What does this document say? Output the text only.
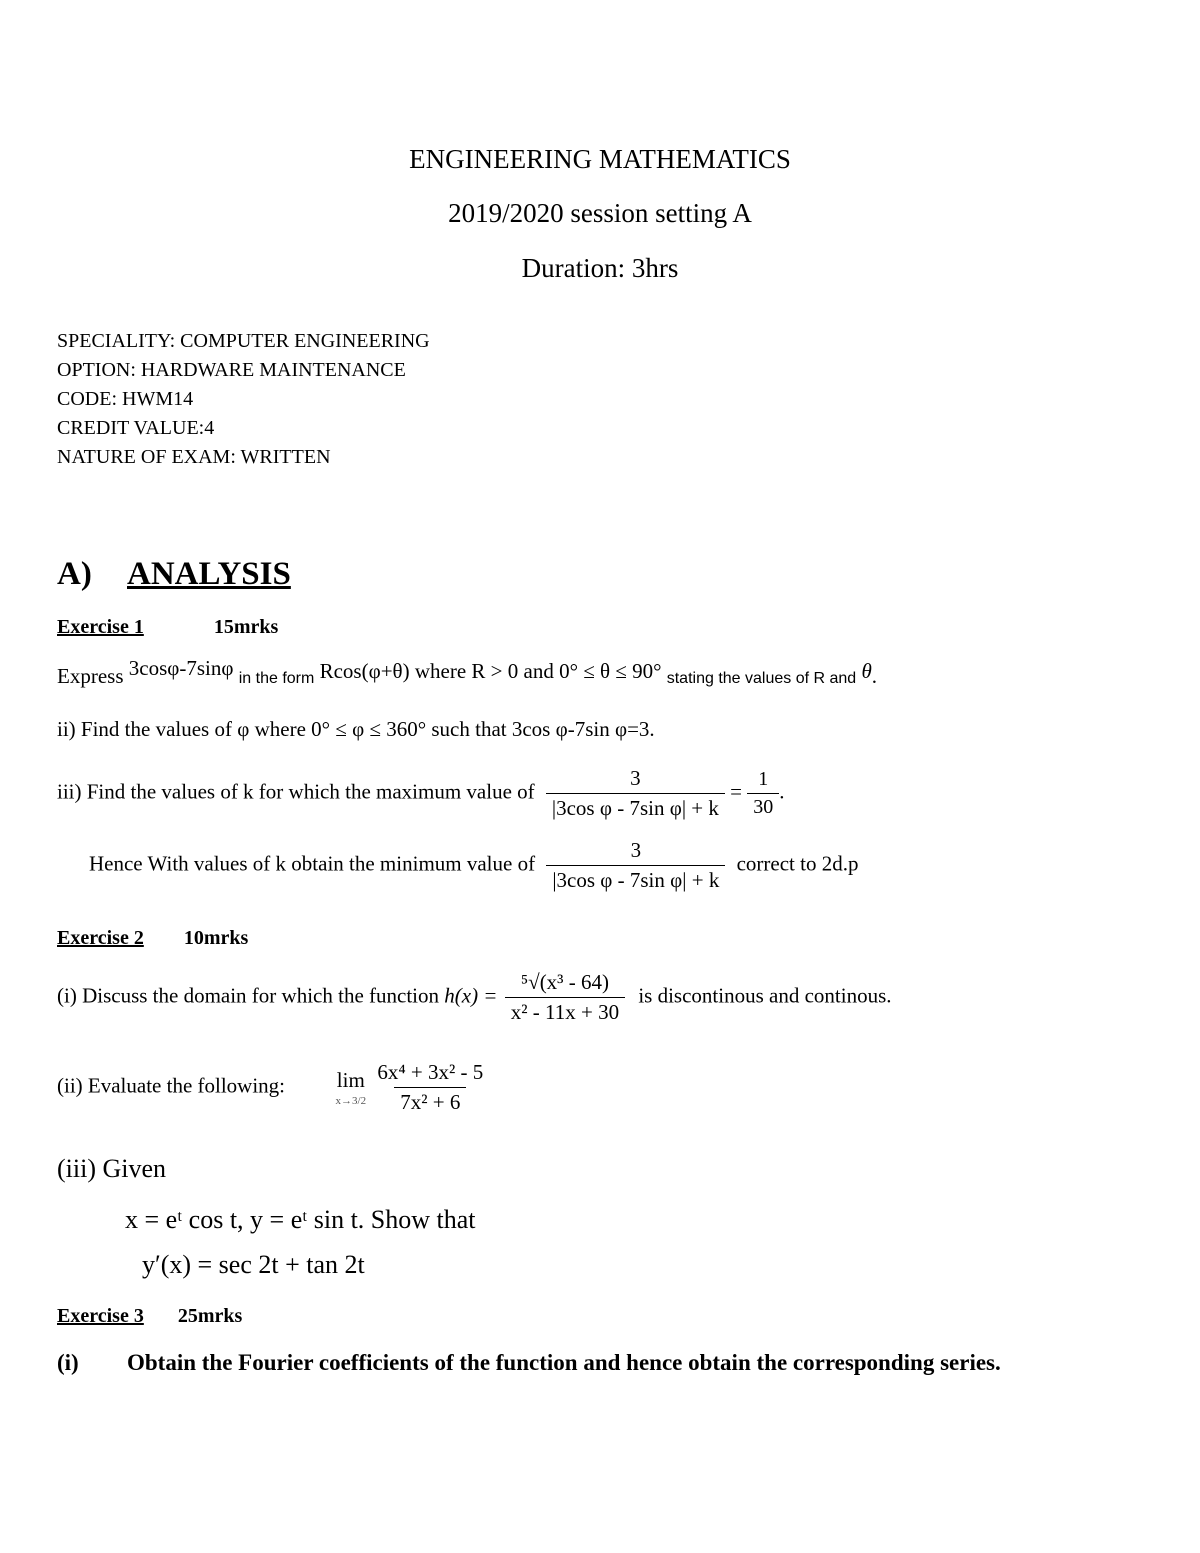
ENGINEERING MATHEMATICS
2019/2020 session setting A
Duration: 3hrs
SPECIALITY: COMPUTER ENGINEERING
OPTION: HARDWARE MAINTENANCE
CODE: HWM14
CREDIT VALUE:4
NATURE OF EXAM: WRITTEN
A) ANALYSIS
Exercise 1	15mrks
Express 3cosφ-7sinφ in the form Rcos(φ+θ) where R > 0 and 0° ≤ θ ≤ 90° stating the values of R and θ.
ii) Find the values of φ where 0° ≤ φ ≤ 360° such that 3cos φ-7sin φ=3.
iii) Find the values of k for which the maximum value of $\frac{3}{\text{|3cos φ - 7sin φ| + k}} = \frac{1}{30}$ .
Hence With values of k obtain the minimum value of $\frac{3}{\text{|3cos φ - 7sin φ| + k}}$ correct to 2d.p
Exercise 2 10mrks
(i) Discuss the domain for which the function $h(x) = \frac{\text{⁵√(x³ - 64)}}{\text{x² - 11x + 30}}$ is discontinous and continous.
(ii) Evaluate the following: lim
x→3/2
$\frac{\text{6x⁴ + 3x² - 5}}{\text{7x² + 6}}$
(iii) Given
x = eᵗ cos t, y = eᵗ sin t. Show that
y′(x) = sec 2t + tan 2t
Exercise 3 25mrks
(i) Obtain the Fourier coefficients of the function and hence obtain the corresponding series.
